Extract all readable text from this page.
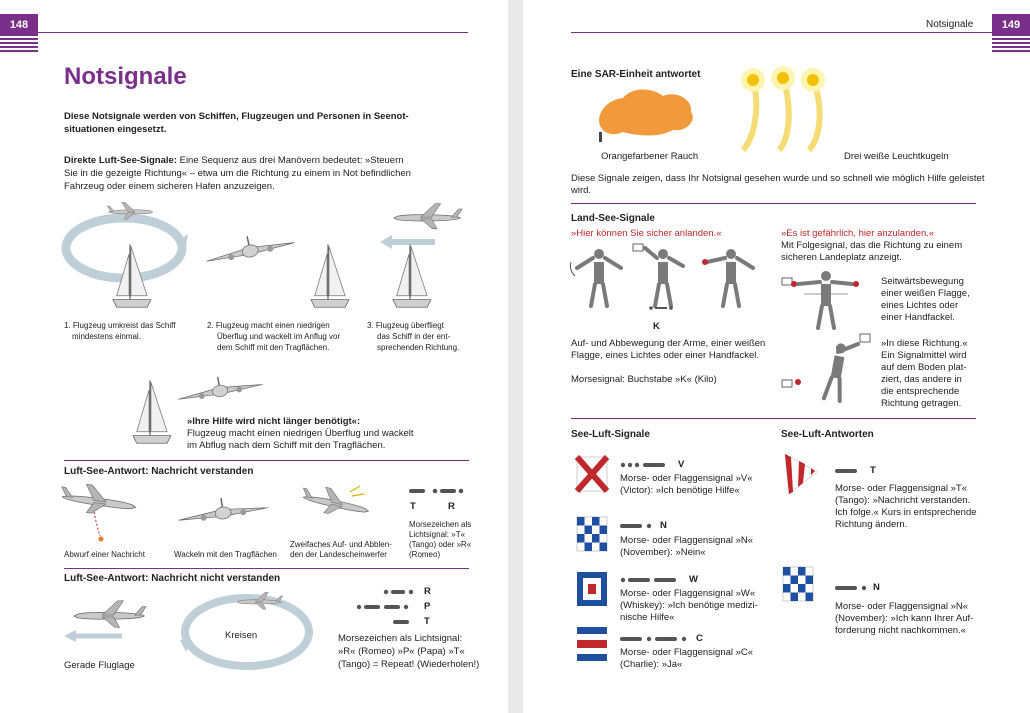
148
Notsignale
Diese Notsignale werden von Schiffen, Flugzeugen und Personen in Seenot-
situationen eingesetzt.
Direkte Luft-See-Signale: Eine Sequenz aus drei Manövern bedeutet: »Steuern
Sie in die gezeigte Richtung« – etwa um die Richtung zu einem in Not befindlichen
Fahrzeug oder einem sicheren Hafen anzuzeigen.
1. Flugzeug umkreist das Schiff
mindestens einmal.
2. Flugzeug macht einen niedrigen
Überflug und wackelt im Anflug vor
dem Schiff mit den Tragflächen.
3. Flugzeug überfliegt
das Schiff in der ent-
sprechenden Richtung.
»Ihre Hilfe wird nicht länger benötigt«:
Flugzeug macht einen niedrigen Überflug und wackelt
im Abflug nach dem Schiff mit den Tragflächen.
Luft-See-Antwort: Nachricht verstanden
T	R
Morsezeichen als
Lichtsignal: »T«
(Tango) oder »R«
(Romeo)
Abwurf einer Nachricht	Wackeln mit den Tragflächen
Zweifaches Auf- und Abblen-
den der Landescheinwerfer
Luft-See-Antwort: Nachricht nicht verstanden
Gerade Fluglage
Kreisen
R
P
T
Morsezeichen als Lichtsignal:
»R« (Romeo) »P« (Papa) »T«
(Tango) = Repeat! (Wiederholen!)
149
Notsignale
Eine SAR-Einheit antwortet
Orangefarbener Rauch	Drei weiße Leuchtkugeln
Diese Signale zeigen, dass Ihr Notsignal gesehen wurde und so schnell wie möglich Hilfe geleistet
wird.
Land-See-Signale
»Hier können Sie sicher anlanden.«	»Es ist gefährlich, hier anzulanden.«
Mit Folgesignal, das die Richtung zu einem
sicheren Landeplatz anzeigt.
K
Auf- und Abbewegung der Arme, einer weißen
Flagge, eines Lichtes oder einer Handfackel.
Morsesignal: Buchstabe »K« (Kilo)
Seitwärtsbewegung
einer weißen Flagge,
eines Lichtes oder
einer Handfackel.
»In diese Richtung.«
Ein Signalmittel wird
auf dem Boden plat-
ziert, das andere in
die entsprechende
Richtung getragen.
See-Luft-Signale	See-Luft-Antworten
V
Morse- oder Flaggensignal »V«
(Victor): »Ich benötige Hilfe«
N
Morse- oder Flaggensignal »N«
(November): »Nein«
W
Morse- oder Flaggensignal »W«
(Whiskey): »Ich benötige medizi-
nische Hilfe«
C
Morse- oder Flaggensignal »C«
(Charlie): »Ja«
T
Morse- oder Flaggensignal »T«
(Tango): »Nachricht verstanden.
Ich folge.« Kurs in entsprechende
Richtung ändern.
N
Morse- oder Flaggensignal »N«
(November): »Ich kann Ihrer Auf-
forderung nicht nachkommen.«
